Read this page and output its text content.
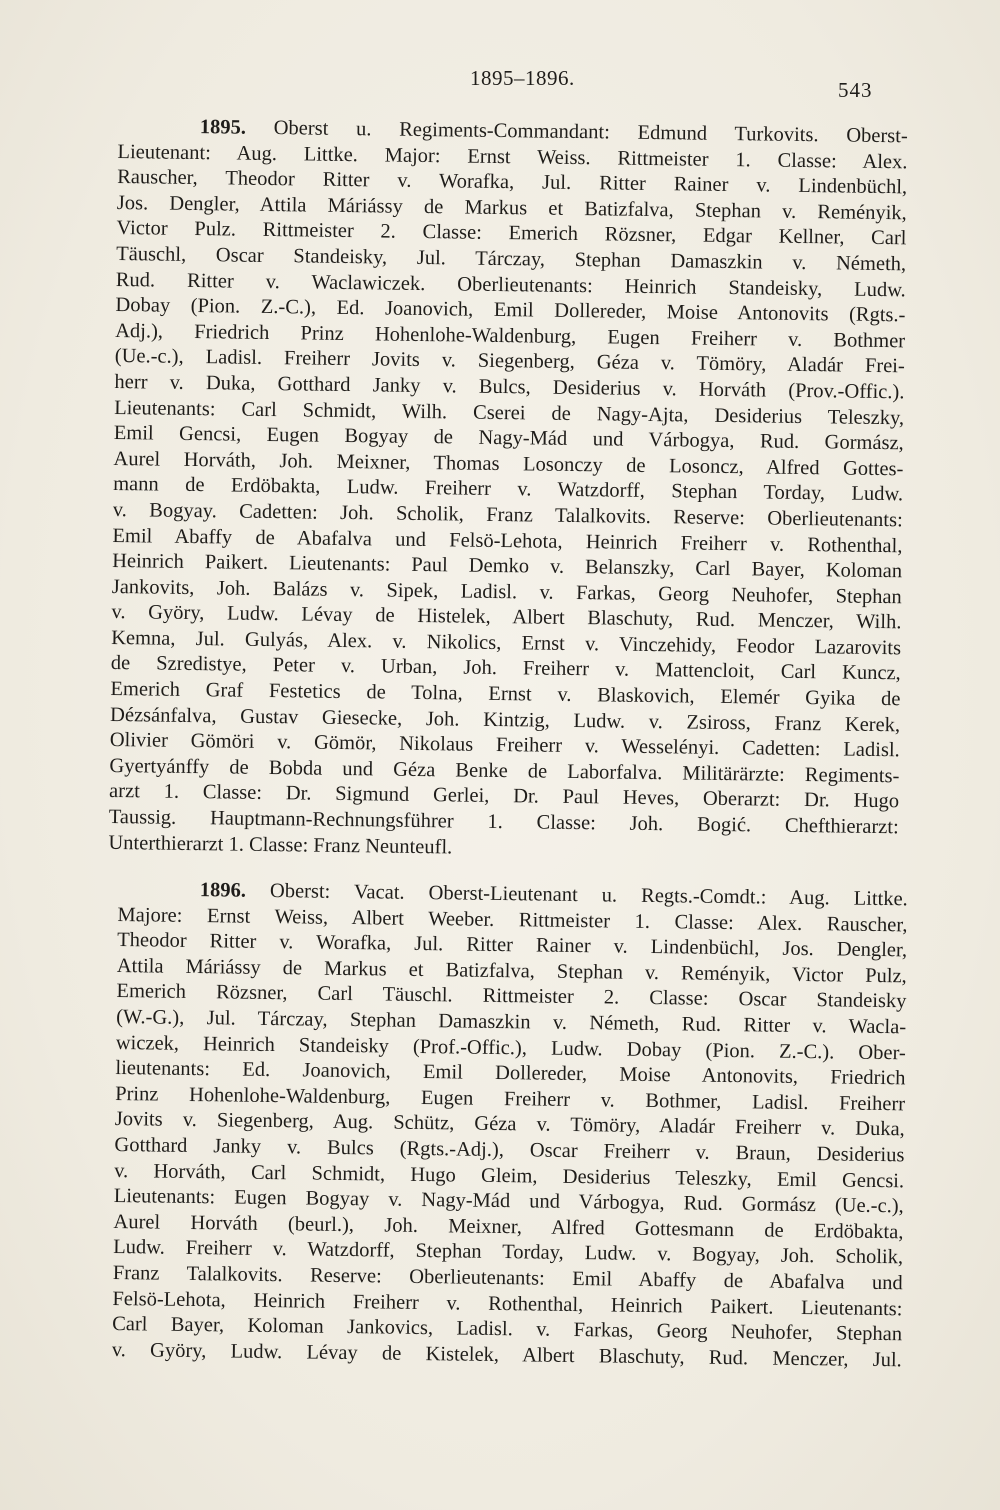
1895–1896.	543
1895. Oberst u. Regiments-Commandant: Edmund Turkovits. Oberst-
Lieutenant: Aug. Littke. Major: Ernst Weiss. Rittmeister 1. Classe: Alex.
Rauscher, Theodor Ritter v. Worafka, Jul. Ritter Rainer v. Lindenbüchl,
Jos. Dengler, Attila Máriássy de Markus et Batizfalva, Stephan v. Reményik,
Victor Pulz. Rittmeister 2. Classe: Emerich Rözsner, Edgar Kellner, Carl
Täuschl, Oscar Standeisky, Jul. Tárczay, Stephan Damaszkin v. Németh,
Rud. Ritter v. Waclawiczek. Oberlieutenants: Heinrich Standeisky, Ludw.
Dobay (Pion. Z.-C.), Ed. Joanovich, Emil Dollereder, Moise Antonovits (Rgts.-
Adj.), Friedrich Prinz Hohenlohe-Waldenburg, Eugen Freiherr v. Bothmer
(Ue.-c.), Ladisl. Freiherr Jovits v. Siegenberg, Géza v. Tömöry, Aladár Frei-
herr v. Duka, Gotthard Janky v. Bulcs, Desiderius v. Horváth (Prov.-Offic.).
Lieutenants: Carl Schmidt, Wilh. Cserei de Nagy-Ajta, Desiderius Teleszky,
Emil Gencsi, Eugen Bogyay de Nagy-Mád und Várbogya, Rud. Gormász,
Aurel Horváth, Joh. Meixner, Thomas Losonczy de Losoncz, Alfred Gottes-
mann de Erdöbakta, Ludw. Freiherr v. Watzdorff, Stephan Torday, Ludw.
v. Bogyay. Cadetten: Joh. Scholik, Franz Talalkovits. Reserve: Oberlieutenants:
Emil Abaffy de Abafalva und Felsö-Lehota, Heinrich Freiherr v. Rothenthal,
Heinrich Paikert. Lieutenants: Paul Demko v. Belanszky, Carl Bayer, Koloman
Jankovits, Joh. Balázs v. Sipek, Ladisl. v. Farkas, Georg Neuhofer, Stephan
v. Györy, Ludw. Lévay de Histelek, Albert Blaschuty, Rud. Menczer, Wilh.
Kemna, Jul. Gulyás, Alex. v. Nikolics, Ernst v. Vinczehidy, Feodor Lazarovits
de Szredistye, Peter v. Urban, Joh. Freiherr v. Mattencloit, Carl Kuncz,
Emerich Graf Festetics de Tolna, Ernst v. Blaskovich, Elemér Gyika de
Dézsánfalva, Gustav Giesecke, Joh. Kintzig, Ludw. v. Zsiross, Franz Kerek,
Olivier Gömöri v. Gömör, Nikolaus Freiherr v. Wesselényi. Cadetten: Ladisl.
Gyertyánffy de Bobda und Géza Benke de Laborfalva. Militärärzte: Regiments-
arzt 1. Classe: Dr. Sigmund Gerlei, Dr. Paul Heves, Oberarzt: Dr. Hugo
Taussig. Hauptmann-Rechnungsführer 1. Classe: Joh. Bogić. Chefthierarzt:
Unterthierarzt 1. Classe: Franz Neunteufl.
1896. Oberst: Vacat. Oberst-Lieutenant u. Regts.-Comdt.: Aug. Littke.
Majore: Ernst Weiss, Albert Weeber. Rittmeister 1. Classe: Alex. Rauscher,
Theodor Ritter v. Worafka, Jul. Ritter Rainer v. Lindenbüchl, Jos. Dengler,
Attila Máriássy de Markus et Batizfalva, Stephan v. Reményik, Victor Pulz,
Emerich Rözsner, Carl Täuschl. Rittmeister 2. Classe: Oscar Standeisky
(W.-G.), Jul. Tárczay, Stephan Damaszkin v. Németh, Rud. Ritter v. Wacla-
wiczek, Heinrich Standeisky (Prof.-Offic.), Ludw. Dobay (Pion. Z.-C.). Ober-
lieutenants: Ed. Joanovich, Emil Dollereder, Moise Antonovits, Friedrich
Prinz Hohenlohe-Waldenburg, Eugen Freiherr v. Bothmer, Ladisl. Freiherr
Jovits v. Siegenberg, Aug. Schütz, Géza v. Tömöry, Aladár Freiherr v. Duka,
Gotthard Janky v. Bulcs (Rgts.-Adj.), Oscar Freiherr v. Braun, Desiderius
v. Horváth, Carl Schmidt, Hugo Gleim, Desiderius Teleszky, Emil Gencsi.
Lieutenants: Eugen Bogyay v. Nagy-Mád und Várbogya, Rud. Gormász (Ue.-c.),
Aurel Horváth (beurl.), Joh. Meixner, Alfred Gottesmann de Erdöbakta,
Ludw. Freiherr v. Watzdorff, Stephan Torday, Ludw. v. Bogyay, Joh. Scholik,
Franz Talalkovits. Reserve: Oberlieutenants: Emil Abaffy de Abafalva und
Felsö-Lehota, Heinrich Freiherr v. Rothenthal, Heinrich Paikert. Lieutenants:
Carl Bayer, Koloman Jankovics, Ladisl. v. Farkas, Georg Neuhofer, Stephan
v. Györy, Ludw. Lévay de Kistelek, Albert Blaschuty, Rud. Menczer, Jul.
